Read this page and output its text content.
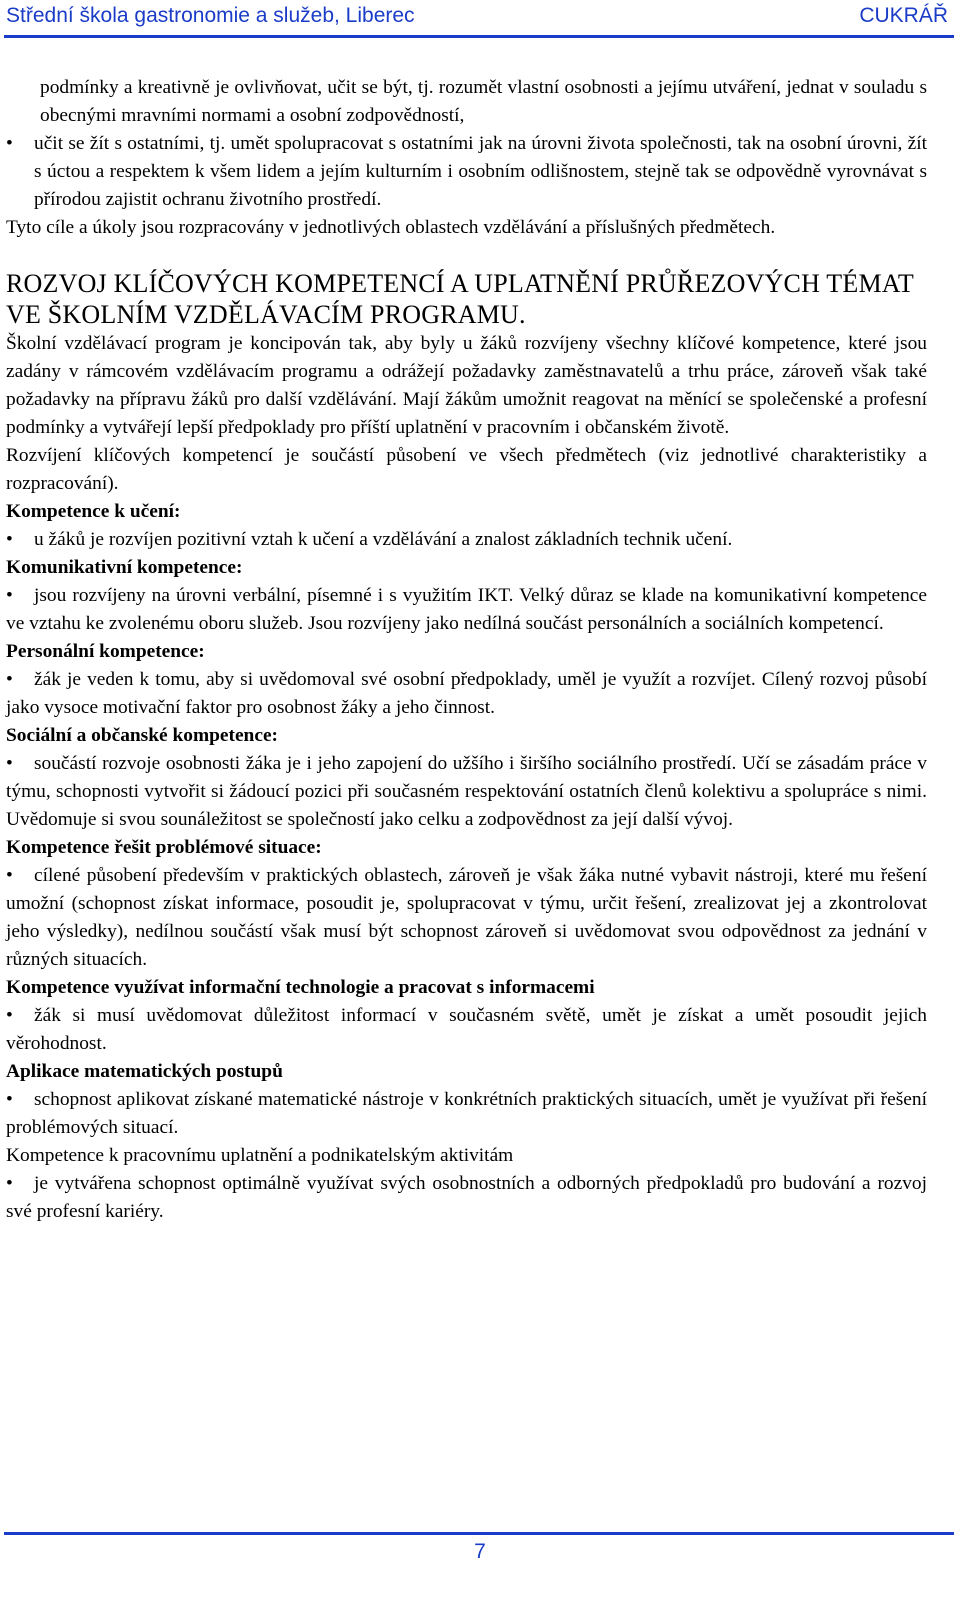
Střední škola gastronomie a služeb, Liberec	CUKRÁŘ

podmínky a kreativně je ovlivňovat, učit se být, tj. rozumět vlastní osobnosti a jejímu utváření, jednat v souladu s obecnými mravními normami a osobní zodpovědností,

• učit se žít s ostatními, tj. umět spolupracovat s ostatními jak na úrovni života společnosti, tak na osobní úrovni, žít s úctou a respektem k všem lidem a jejím kulturním i osobním odlišnostem, stejně tak se odpovědně vyrovnávat s přírodou zajistit ochranu životního prostředí.

Tyto cíle a úkoly jsou rozpracovány v jednotlivých oblastech vzdělávání a příslušných předmětech.

ROZVOJ KLÍČOVÝCH KOMPETENCÍ A UPLATNĚNÍ PRŮŘEZOVÝCH TÉMAT VE ŠKOLNÍM VZDĚLÁVACÍM PROGRAMU.

Školní vzdělávací program je koncipován tak, aby byly u žáků rozvíjeny všechny klíčové kompetence, které jsou zadány v rámcovém vzdělávacím programu a odrážejí požadavky zaměstnavatelů a trhu práce, zároveň však také požadavky na přípravu žáků pro další vzdělávání. Mají žákům umožnit reagovat na měnící se společenské a profesní podmínky a vytvářejí lepší předpoklady pro příští uplatnění v pracovním i občanském životě.

Rozvíjení klíčových kompetencí je součástí působení ve všech předmětech (viz jednotlivé charakteristiky a rozpracování).

Kompetence k učení:

• u žáků je rozvíjen pozitivní vztah k učení a vzdělávání a znalost základních technik učení.

Komunikativní kompetence:

• jsou rozvíjeny na úrovni verbální, písemné i s využitím IKT. Velký důraz se klade na komunikativní kompetence ve vztahu ke zvolenému oboru služeb. Jsou rozvíjeny jako nedílná součást personálních a sociálních kompetencí.

Personální kompetence:

• žák je veden k tomu, aby si uvědomoval své osobní předpoklady, uměl je využít a rozvíjet. Cílený rozvoj působí jako vysoce motivační faktor pro osobnost žáky a jeho činnost.

Sociální a občanské kompetence:

• součástí rozvoje osobnosti žáka je i jeho zapojení do užšího i širšího sociálního prostředí. Učí se zásadám práce v týmu, schopnosti vytvořit si žádoucí pozici při současném respektování ostatních členů kolektivu a spolupráce s nimi. Uvědomuje si svou sounáležitost se společností jako celku a zodpovědnost za její další vývoj.

Kompetence řešit problémové situace:

• cílené působení především v praktických oblastech, zároveň je však žáka nutné vybavit nástroji, které mu řešení umožní (schopnost získat informace, posoudit je, spolupracovat v týmu, určit řešení, zrealizovat jej a zkontrolovat jeho výsledky), nedílnou součástí však musí být schopnost zároveň si uvědomovat svou odpovědnost za jednání v různých situacích.

Kompetence využívat informační technologie a pracovat s informacemi

• žák si musí uvědomovat důležitost informací v současném světě, umět je získat a umět posoudit jejich věrohodnost.

Aplikace matematických postupů

• schopnost aplikovat získané matematické nástroje v konkrétních praktických situacích, umět je využívat při řešení problémových situací.

Kompetence k pracovnímu uplatnění a podnikatelským aktivitám

• je vytvářena schopnost optimálně využívat svých osobnostních a odborných předpokladů pro budování a rozvoj své profesní kariéry.

7
